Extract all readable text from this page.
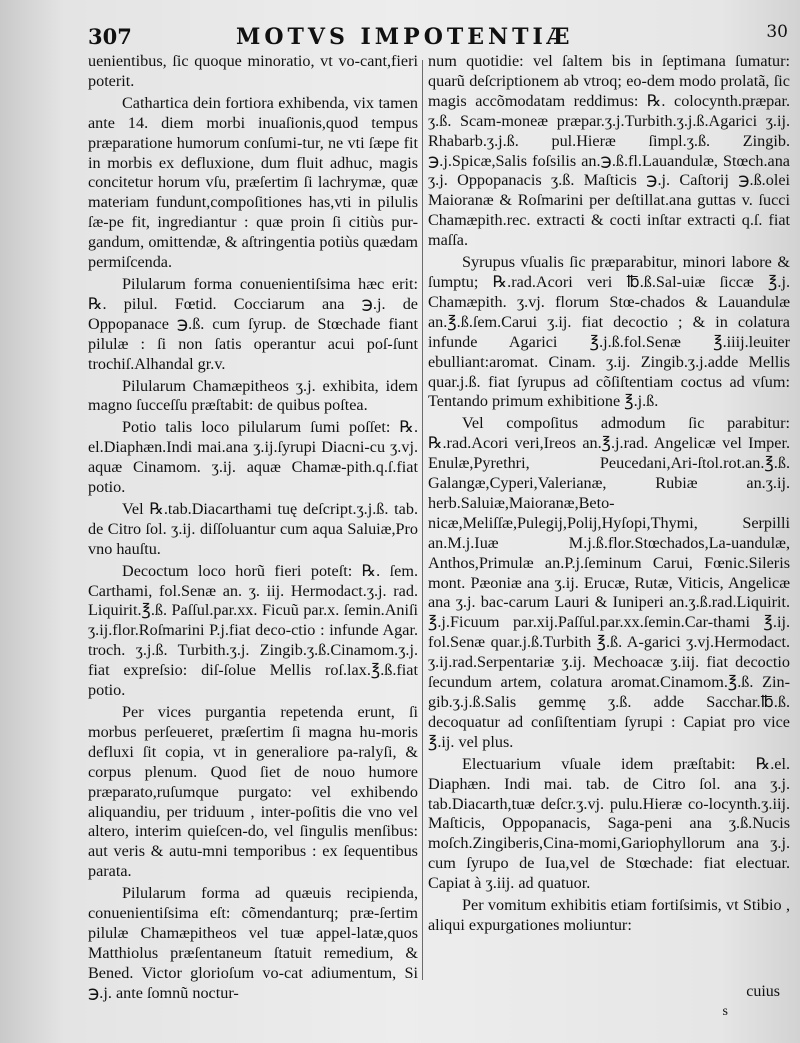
307	MOTVS IMPOTENTIÆ	30

uenientibus, ſic quoque minoratio, vt vo-cant,fieri poterit.

Cathartica dein fortiora exhibenda, vix tamen ante 14. diem morbi inuaſionis,quod tempus præparatione humorum conſumi-tur, ne vti ſæpe fit in morbis ex defluxione, dum fluit adhuc, magis concitetur horum vſu, præſertim ſi lachrymæ, quæ materiam fundunt,compoſitiones has,vti in pilulis ſæ-pe fit, ingrediantur : quæ proin ſi citiùs pur-gandum, omittendæ, & aſtringentia potiùs quædam permiſcenda.

Pilularum forma conuenientiſsima hæc erit: ℞. pilul. Fœtid. Cocciarum ana ℈.j. de Oppopanace ℈.ß. cum ſyrup. de Stœchade fiant pilulæ : ſi non ſatis operantur acui poſ-ſunt trochiſ.Alhandal gr.v.

Pilularum Chamæpitheos ʒ.j. exhibita, idem magno ſucceſſu præſtabit: de quibus poſtea.

Potio talis loco pilularum ſumi poſſet: ℞. el.Diaphæn.Indi mai.ana ʒ.ij.ſyrupi Diacni-cu ʒ.vj. aquæ Cinamom. ʒ.ij. aquæ Chamæ-pith.q.ſ.fiat potio.

Vel ℞.tab.Diacarthami tuę deſcript.ʒ.j.ß. tab. de Citro ſol. ʒ.ij. diſſoluantur cum aqua Saluiæ,Pro vno hauſtu.

Decoctum loco horũ fieri poteſt: ℞. ſem. Carthami, fol.Senæ an. ʒ. iij. Hermodact.ʒ.j. rad. Liquirit.℥.ß. Paſſul.par.xx. Ficuũ par.x. ſemin.Aniſi ʒ.ij.flor.Roſmarini P.j.fiat deco-ctio : infunde Agar. troch. ʒ.j.ß. Turbith.ʒ.j. Zingib.ʒ.ß.Cinamom.ʒ.j. fiat expreſsio: diſ-ſolue Mellis roſ.lax.℥.ß.fiat potio.

Per vices purgantia repetenda erunt, ſi morbus perſeueret, præſertim ſi magna hu-moris defluxi ſit copia, vt in generaliore pa-ralyſi, & corpus plenum. Quod ſiet de nouo humore præparato,ruſumque purgato: vel exhibendo aliquandiu, per triduum , inter-poſitis die vno vel altero, interim quieſcen-do, vel ſingulis menſibus: aut veris & autu-mni temporibus : ex ſequentibus parata.

Pilularum forma ad quæuis recipienda, conuenientiſsima eſt: cõmendanturq; præ-ſertim pilulæ Chamæpitheos vel tuæ appel-latæ,quos Matthiolus præſentaneum ſtatuit remedium, & Bened. Victor glorioſum vo-cat adiumentum, Si ℈.j. ante ſomnũ noctur-

num quotidie: vel ſaltem bis in ſeptimana ſumatur: quarũ deſcriptionem ab vtroq; eo-dem modo prolatã, ſic magis accõmodatam reddimus: ℞. colocynth.præpar. ʒ.ß. Scam-moneæ præpar.ʒ.j.Turbith.ʒ.j.ß.Agarici ʒ.ij. Rhabarb.ʒ.j.ß. pul.Hieræ ſimpl.ʒ.ß. Zingib. ℈.j.Spicæ,Salis foſsilis an.℈.ß.fl.Lauandulæ, Stœch.ana ʒ.j. Oppopanacis ʒ.ß. Maſticis ℈.j. Caſtorij ℈.ß.olei Maioranæ & Roſmarini per deſtillat.ana guttas v. ſucci Chamæpith.rec. extracti & cocti inſtar extracti q.ſ. fiat maſſa.

Syrupus vſualis ſic præparabitur, minori labore & ſumptu; ℞.rad.Acori veri ℔.ß.Sal-uiæ ſiccæ ℥.j. Chamæpith. ʒ.vj. florum Stœ-chados & Lauandulæ an.℥.ß.ſem.Carui ʒ.ij. fiat decoctio ; & in colatura infunde Agarici ℥.j.ß.fol.Senæ ℥.iiij.leuiter ebulliant:aromat. Cinam. ʒ.ij. Zingib.ʒ.j.adde Mellis quar.j.ß. fiat ſyrupus ad cõſiſtentiam coctus ad vſum: Tentando primum exhibitione ℥.j.ß.

Vel compoſitus admodum ſic parabitur: ℞.rad.Acori veri,Ireos an.℥.j.rad. Angelicæ vel Imper. Enulæ,Pyrethri, Peucedani,Ari-ſtol.rot.an.℥.ß. Galangæ,Cyperi,Valerianæ, Rubiæ an.ʒ.ij. herb.Saluiæ,Maioranæ,Beto-nicæ,Meliſſæ,Pulegij,Polij,Hyſopi,Thymi, Serpilli an.M.j.Iuæ M.j.ß.flor.Stœchados,La-uandulæ, Anthos,Primulæ an.P.j.ſeminum Carui, Fœnic.Sileris mont. Pæoniæ ana ʒ.ij. Erucæ, Rutæ, Viticis, Angelicæ ana ʒ.j. bac-carum Lauri & Iuniperi an.ʒ.ß.rad.Liquirit. ℥.j.Ficuum par.xij.Paſſul.par.xx.ſemin.Car-thami ℥.ij. fol.Senæ quar.j.ß.Turbith ℥.ß. A-garici ʒ.vj.Hermodact. ʒ.ij.rad.Serpentariæ ʒ.ij. Mechoacæ ʒ.iij. fiat decoctio ſecundum artem, colatura aromat.Cinamom.℥.ß. Zin-gib.ʒ.j.ß.Salis gemmę ʒ.ß. adde Sacchar.℔.ß. decoquatur ad conſiſtentiam ſyrupi : Capiat pro vice ℥.ij. vel plus.

Electuarium vſuale idem præſtabit: ℞.el. Diaphæn. Indi mai. tab. de Citro ſol. ana ʒ.j. tab.Diacarth,tuæ deſcr.ʒ.vj. pulu.Hieræ co-locynth.ʒ.iij. Maſticis, Oppopanacis, Saga-peni ana ʒ.ß.Nucis moſch.Zingiberis,Cina-momi,Gariophyllorum ana ʒ.j. cum ſyrupo de Iua,vel de Stœchade: fiat electuar. Capiat à ʒ.iij. ad quatuor.

Per vomitum exhibitis etiam fortiſsimis, vt Stibio , aliqui expurgationes moliuntur:

cuius
s
